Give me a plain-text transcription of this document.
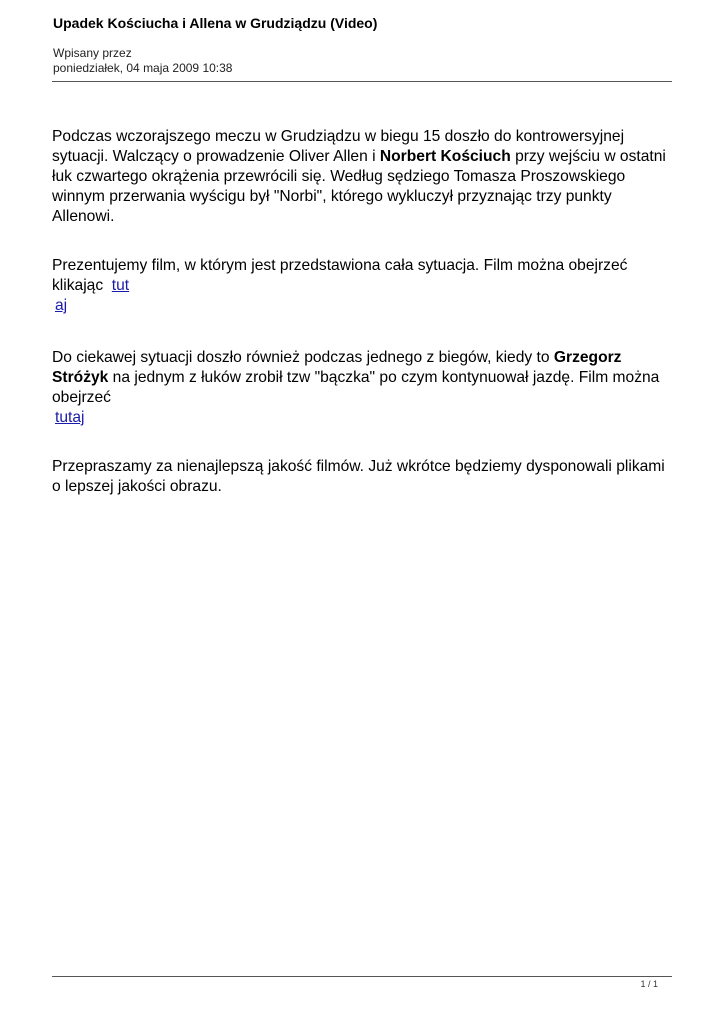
Upadek Kościucha i Allena w Grudziądzu (Video)
Wpisany przez
poniedziałek, 04 maja 2009 10:38

Podczas wczorajszego meczu w Grudziądzu w biegu 15 doszło do kontrowersyjnej sytuacji. Walczący o prowadzenie Oliver Allen i Norbert Kościuch przy wejściu w ostatni łuk czwartego okrążenia przewrócili się. Według sędziego Tomasza Proszowskiego winnym przerwania wyścigu był "Norbi", którego wykluczył przyznając trzy punkty Allenowi.

Prezentujemy film, w którym jest przedstawiona cała sytuacja. Film można obejrzeć klikając  tut
aj

Do ciekawej sytuacji doszło również podczas jednego z biegów, kiedy to Grzegorz Stróżyk na jednym z łuków zrobił tzw "bączka" po czym kontynuował jazdę. Film można obejrzeć
tutaj

Przepraszamy za nienajlepszą jakość filmów. Już wkrótce będziemy dysponowali plikami o lepszej jakości obrazu.

1 / 1
